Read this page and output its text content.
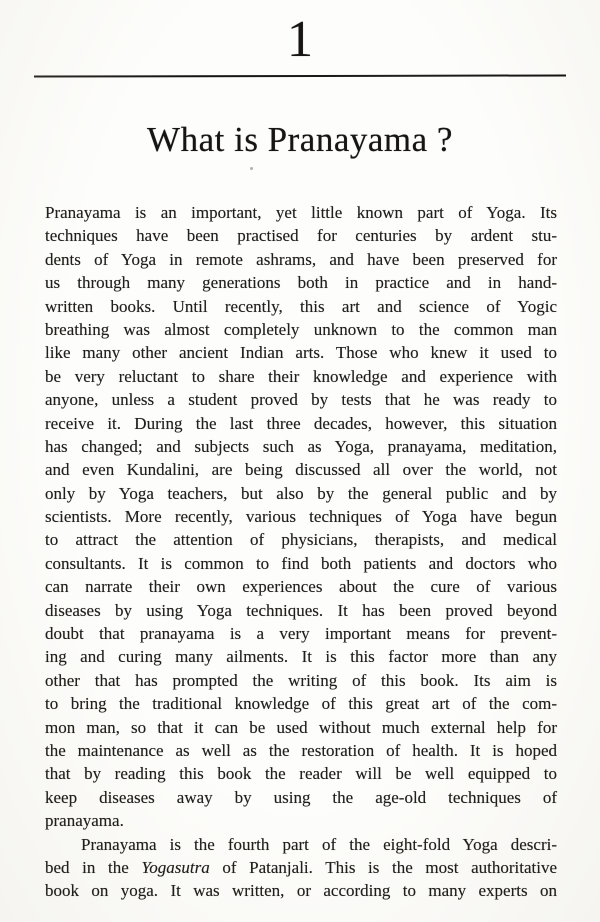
1
What is Pranayama ?
Pranayama is an important, yet little known part of Yoga. Its
techniques have been practised for centuries by ardent stu-
dents of Yoga in remote ashrams, and have been preserved for
us through many generations both in practice and in hand-
written books. Until recently, this art and science of Yogic
breathing was almost completely unknown to the common man
like many other ancient Indian arts. Those who knew it used to
be very reluctant to share their knowledge and experience with
anyone, unless a student proved by tests that he was ready to
receive it. During the last three decades, however, this situation
has changed; and subjects such as Yoga, pranayama, meditation,
and even Kundalini, are being discussed all over the world, not
only by Yoga teachers, but also by the general public and by
scientists. More recently, various techniques of Yoga have begun
to attract the attention of physicians, therapists, and medical
consultants. It is common to find both patients and doctors who
can narrate their own experiences about the cure of various
diseases by using Yoga techniques. It has been proved beyond
doubt that pranayama is a very important means for prevent-
ing and curing many ailments. It is this factor more than any
other that has prompted the writing of this book. Its aim is
to bring the traditional knowledge of this great art of the com-
mon man, so that it can be used without much external help for
the maintenance as well as the restoration of health. It is hoped
that by reading this book the reader will be well equipped to
keep diseases away by using the age-old techniques of
pranayama.
Pranayama is the fourth part of the eight-fold Yoga descri-
bed in the Yogasutra of Patanjali. This is the most authoritative
book on yoga. It was written, or according to many experts on
